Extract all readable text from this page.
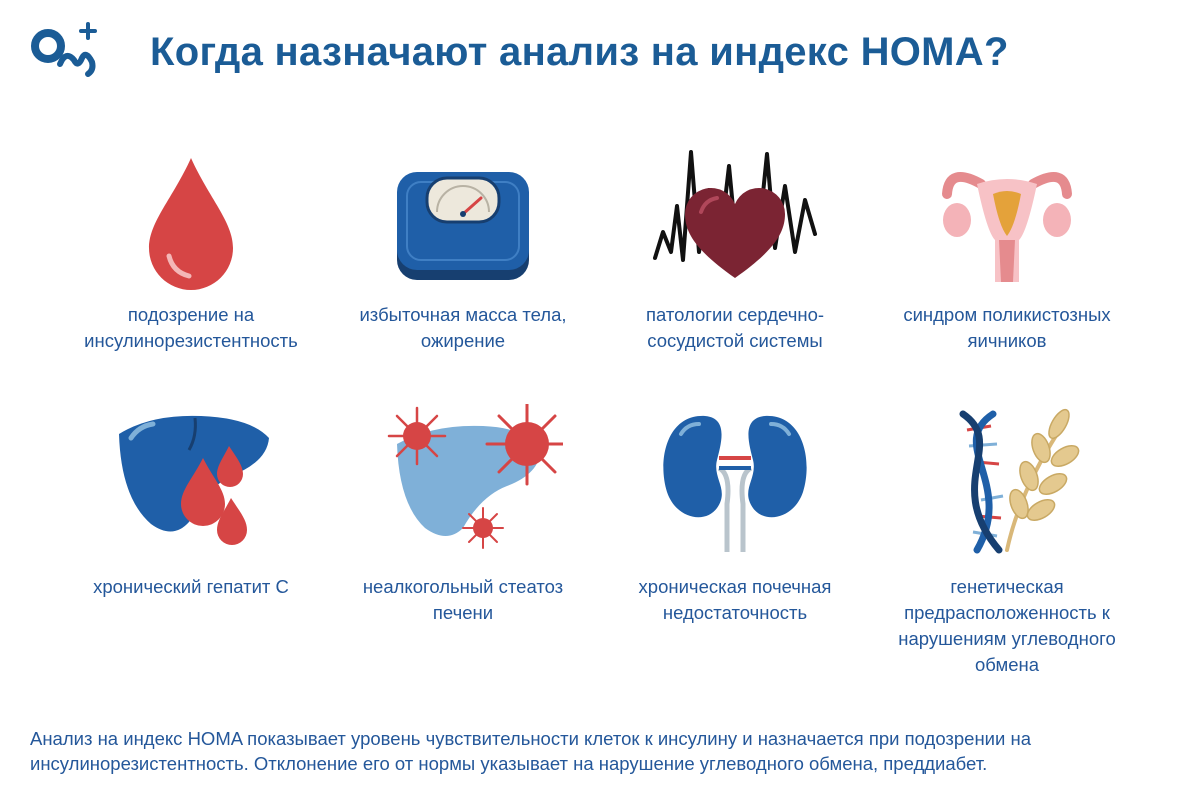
Когда назначают анализ на индекс HOMA?
подозрение на инсулинорезистентность
избыточная масса тела, ожирение
патологии сердечно-сосудистой системы
синдром поликистозных яичников
хронический гепатит С	неалкогольный стеатоз печени
хроническая почечная недостаточность
генетическая предрасположенность к нарушениям углеводного обмена

Анализ на индекс HOMA показывает уровень чувствительности клеток к инсулину и назначается при подозрении на инсулинорезистентность. Отклонение его от нормы указывает на нарушение углеводного обмена, преддиабет.
